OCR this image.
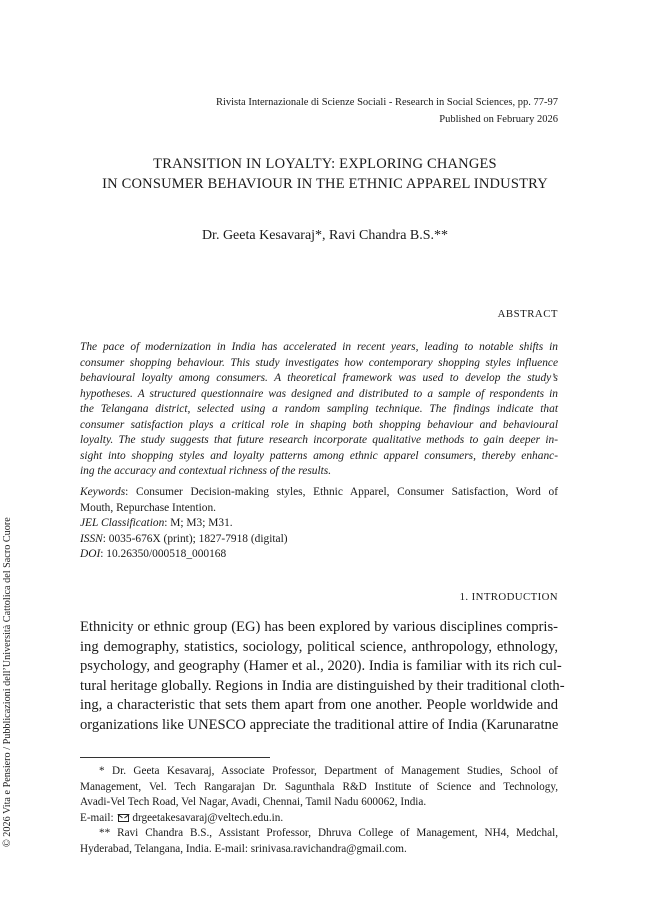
Rivista Internazionale di Scienze Sociali - Research in Social Sciences, pp. 77-97
Published on February 2026
TRANSITION IN LOYALTY: EXPLORING CHANGES
IN CONSUMER BEHAVIOUR IN THE ETHNIC APPAREL INDUSTRY
Dr. Geeta Kesavaraj*, Ravi Chandra B.S.**
ABSTRACT
The pace of modernization in India has accelerated in recent years, leading to notable shifts in
consumer shopping behaviour. This study investigates how contemporary shopping styles influence
behavioural loyalty among consumers. A theoretical framework was used to develop the study’s
hypotheses. A structured questionnaire was designed and distributed to a sample of respondents in
the Telangana district, selected using a random sampling technique. The findings indicate that
consumer satisfaction plays a critical role in shaping both shopping behaviour and behavioural
loyalty. The study suggests that future research incorporate qualitative methods to gain deeper in-
sight into shopping styles and loyalty patterns among ethnic apparel consumers, thereby enhanc-
ing the accuracy and contextual richness of the results.
Keywords: Consumer Decision-making styles, Ethnic Apparel, Consumer Satisfaction, Word of
Mouth, Repurchase Intention.
JEL Classification: M; M3; M31.
ISSN: 0035-676X (print); 1827-7918 (digital)
DOI: 10.26350/000518_000168
1. INTRODUCTION
Ethnicity or ethnic group (EG) has been explored by various disciplines compris-
ing demography, statistics, sociology, political science, anthropology, ethnology,
psychology, and geography (Hamer et al., 2020). India is familiar with its rich cul-
tural heritage globally. Regions in India are distinguished by their traditional cloth-
ing, a characteristic that sets them apart from one another. People worldwide and
organizations like UNESCO appreciate the traditional attire of India (Karunaratne
* Dr. Geeta Kesavaraj, Associate Professor, Department of Management Studies, School of
Management, Vel. Tech Rangarajan Dr. Sagunthala R&D Institute of Science and Technology,
Avadi-Vel Tech Road, Vel Nagar, Avadi, Chennai, Tamil Nadu 600062, India.
E-mail: drgeetakesavaraj@veltech.edu.in.
** Ravi Chandra B.S., Assistant Professor, Dhruva College of Management, NH4, Medchal,
Hyderabad, Telangana, India. E-mail: srinivasa.ravichandra@gmail.com.
© 2026 Vita e Pensiero / Pubblicazioni dell’Università Cattolica del Sacro Cuore
